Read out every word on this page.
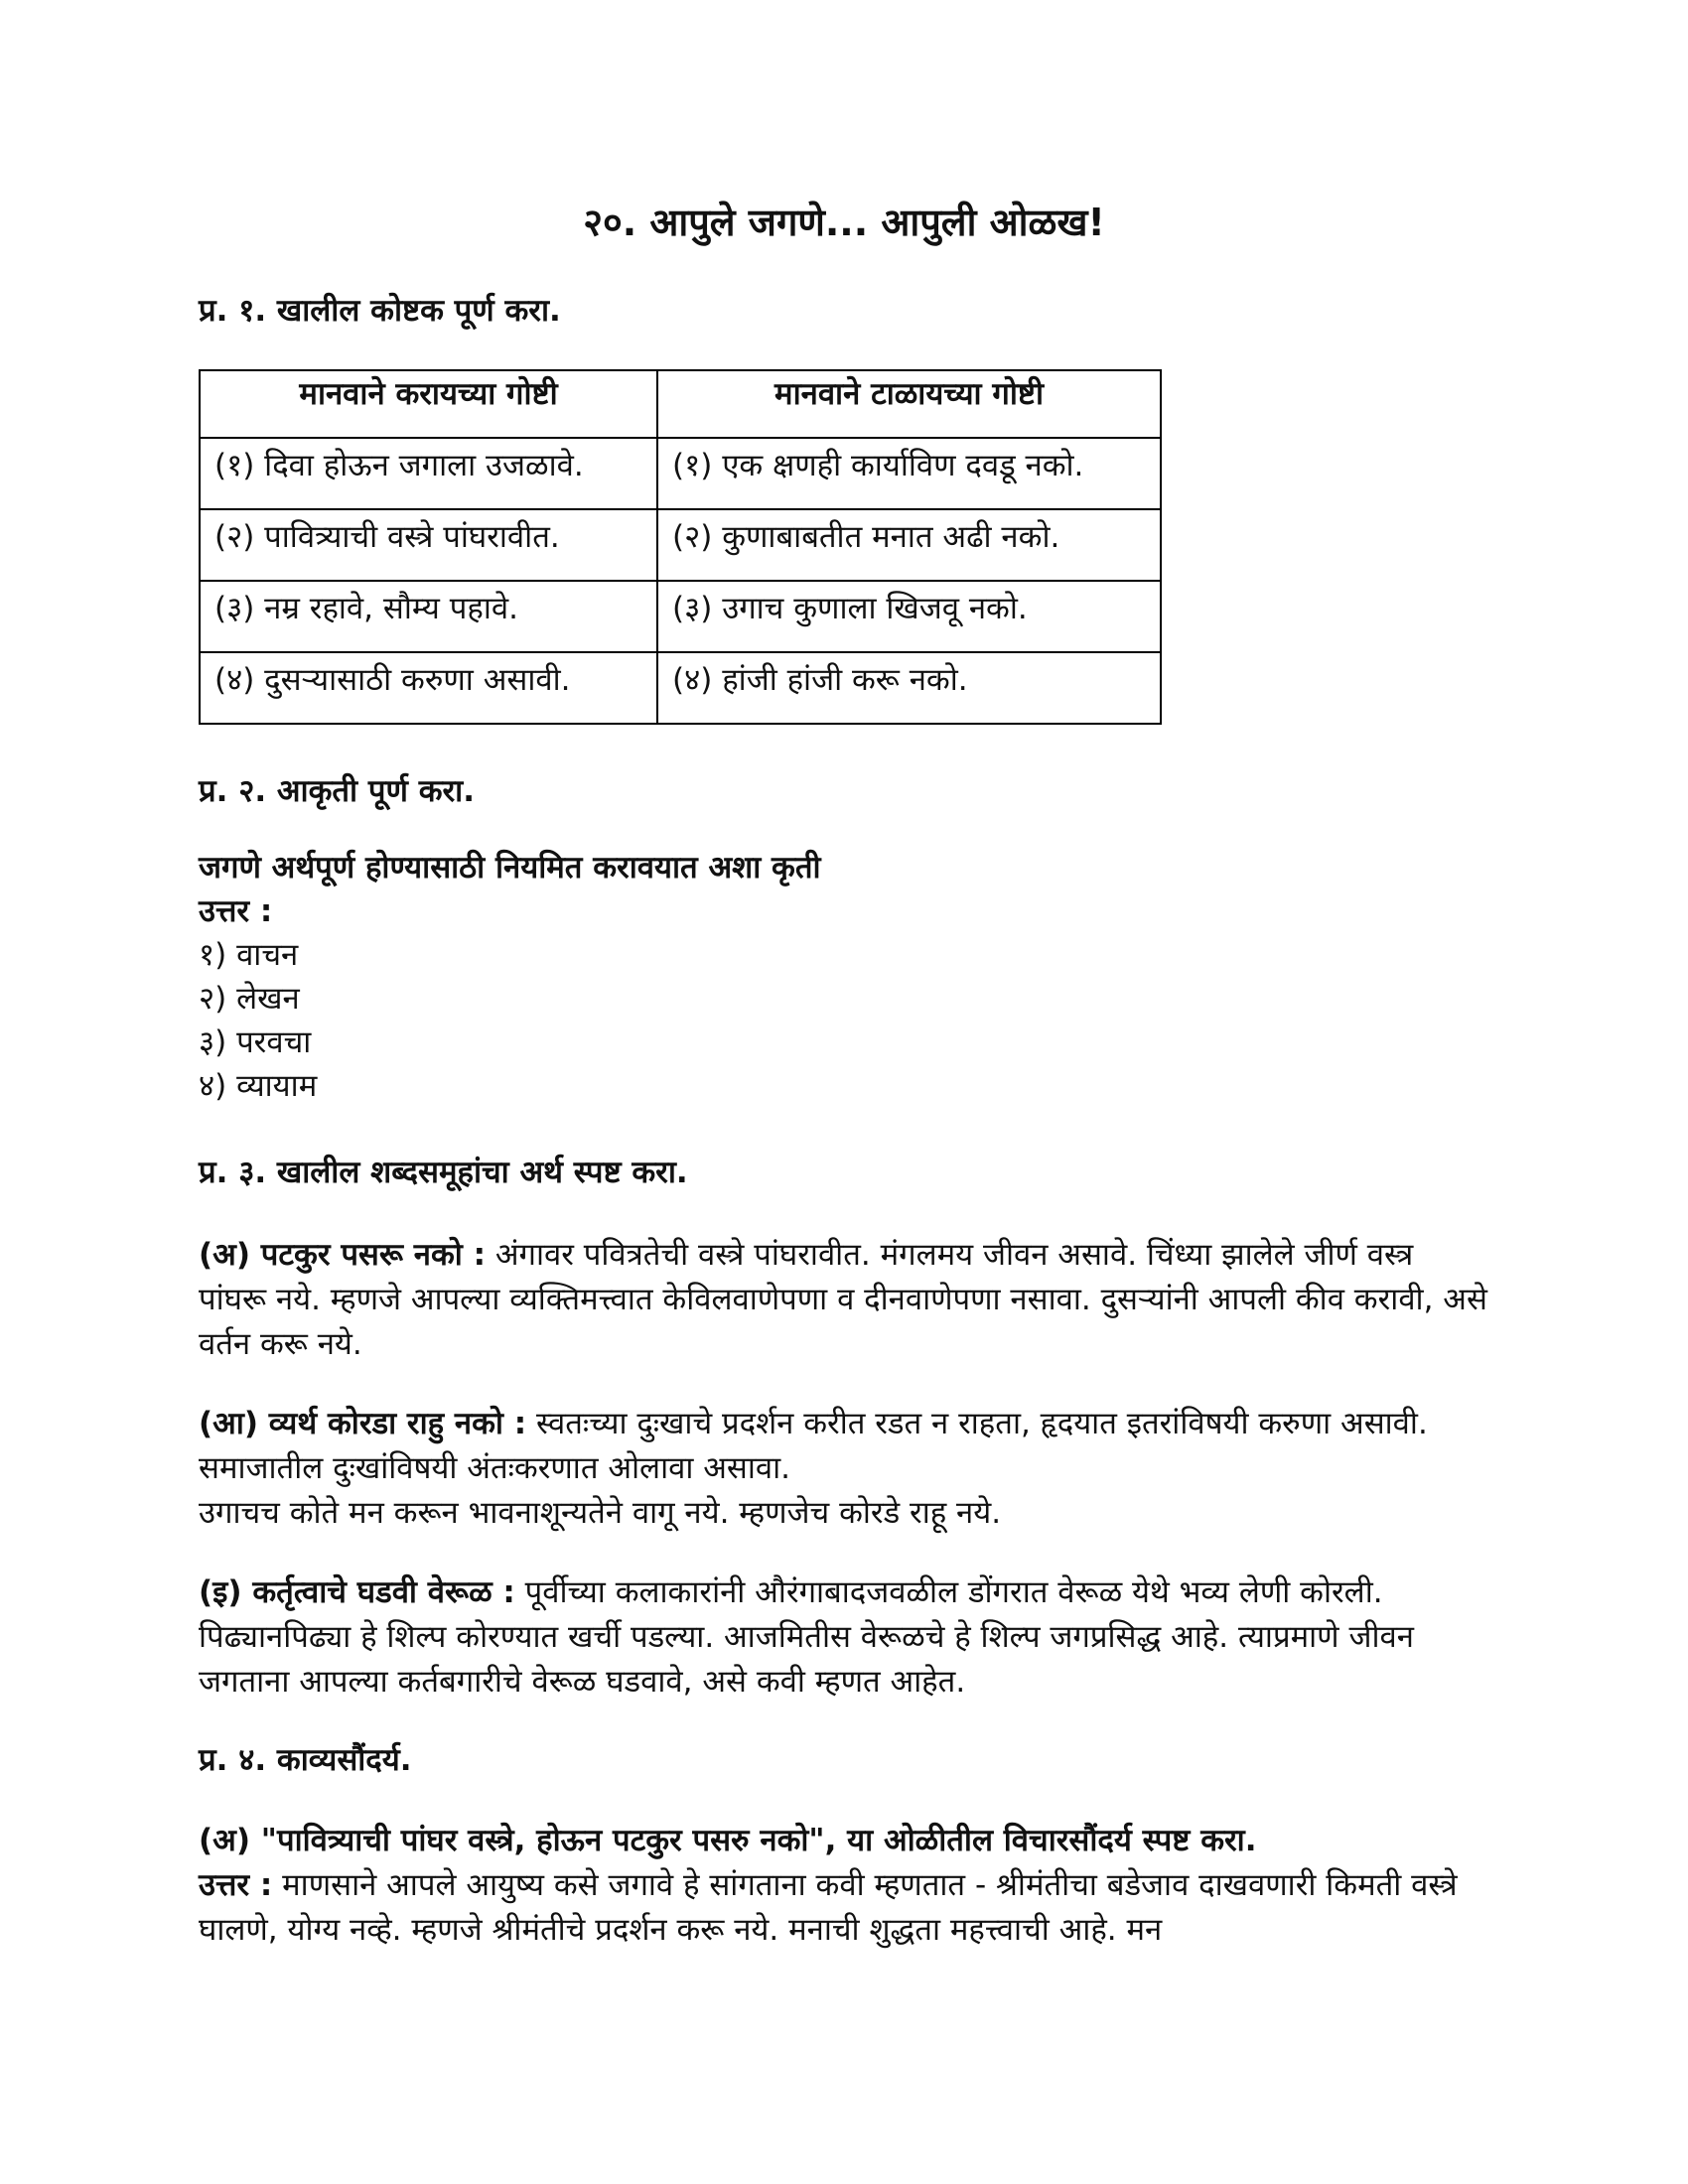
२०. आपुले जगणे... आपुली ओळख!
प्र. १. खालील कोष्टक पूर्ण करा.
मानवाने करायच्या गोष्टी	मानवाने टाळायच्या गोष्टी
(१) दिवा होऊन जगाला उजळावे.	(१) एक क्षणही कार्याविण दवडू नको.
(२) पावित्र्याची वस्त्रे पांघरावीत.	(२) कुणाबाबतीत मनात अढी नको.
(३) नम्र रहावे, सौम्य पहावे.	(३) उगाच कुणाला खिजवू नको.
(४) दुसऱ्यासाठी करुणा असावी.	(४) हांजी हांजी करू नको.
प्र. २. आकृती पूर्ण करा.
जगणे अर्थपूर्ण होण्यासाठी नियमित करावयात अशा कृती
उत्तर :
१) वाचन
२) लेखन
३) परवचा
४) व्यायाम
प्र. ३. खालील शब्दसमूहांचा अर्थ स्पष्ट करा.
(अ) पटकुर पसरू नको : अंगावर पवित्रतेची वस्त्रे पांघरावीत. मंगलमय जीवन असावे. चिंध्या झालेले जीर्ण वस्त्र पांघरू नये. म्हणजे आपल्या व्यक्तिमत्त्वात केविलवाणेपणा व दीनवाणेपणा नसावा. दुसऱ्यांनी आपली कीव करावी, असे वर्तन करू नये.
(आ) व्यर्थ कोरडा राहु नको : स्वतःच्या दुःखाचे प्रदर्शन करीत रडत न राहता, हृदयात इतरांविषयी करुणा असावी. समाजातील दुःखांविषयी अंतःकरणात ओलावा असावा.
उगाचच कोते मन करून भावनाशून्यतेने वागू नये. म्हणजेच कोरडे राहू नये.
(इ) कर्तृत्वाचे घडवी वेरूळ : पूर्वीच्या कलाकारांनी औरंगाबादजवळील डोंगरात वेरूळ येथे भव्य लेणी कोरली. पिढ्यानपिढ्या हे शिल्प कोरण्यात खर्ची पडल्या. आजमितीस वेरूळचे हे शिल्प जगप्रसिद्ध आहे. त्याप्रमाणे जीवन जगताना आपल्या कर्तबगारीचे वेरूळ घडवावे, असे कवी म्हणत आहेत.
प्र. ४. काव्यसौंदर्य.
(अ) "पावित्र्याची पांघर वस्त्रे, होऊन पटकुर पसरु नको", या ओळीतील विचारसौंदर्य स्पष्ट करा.
उत्तर : माणसाने आपले आयुष्य कसे जगावे हे सांगताना कवी म्हणतात - श्रीमंतीचा बडेजाव दाखवणारी किमती वस्त्रे घालणे, योग्य नव्हे. म्हणजे श्रीमंतीचे प्रदर्शन करू नये. मनाची शुद्धता महत्त्वाची आहे. मन
